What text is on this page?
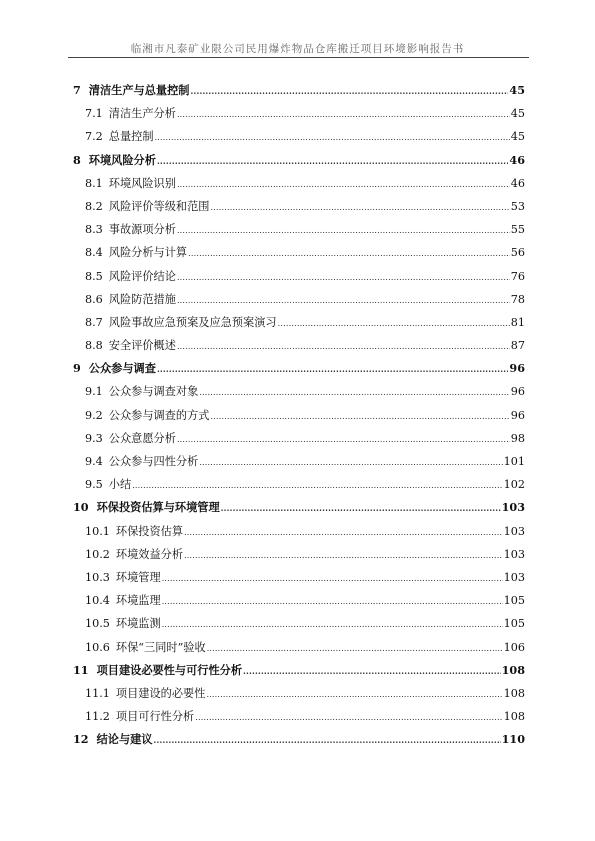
临湘市凡泰矿业限公司民用爆炸物品仓库搬迁项目环境影响报告书
7 清洁生产与总量控制 .....	45
7.1 清洁生产分析 .....	45
7.2 总量控制 .....	45
8 环境风险分析 .....	46
8.1 环境风险识别 .....	46
8.2 风险评价等级和范围 .....	53
8.3 事故源项分析 .....	55
8.4 风险分析与计算 .....	56
8.5 风险评价结论 .....	76
8.6 风险防范措施 .....	78
8.7 风险事故应急预案及应急预案演习 .....	81
8.8 安全评价概述 .....	87
9 公众参与调查 .....	96
9.1 公众参与调查对象 .....	96
9.2 公众参与调查的方式 .....	96
9.3 公众意愿分析 .....	98
9.4 公众参与四性分析 .....	101
9.5 小结 .....	102
10 环保投资估算与环境管理 .....	103
10.1 环保投资估算 .....	103
10.2 环境效益分析 .....	103
10.3 环境管理 .....	103
10.4 环境监理 .....	105
10.5 环境监测 .....	105
10.6 环保“三同时”验收 .....	106
11 项目建设必要性与可行性分析 .....	108
11.1 项目建设的必要性 .....	108
11.2 项目可行性分析 .....	108
12 结论与建议 .....	110
